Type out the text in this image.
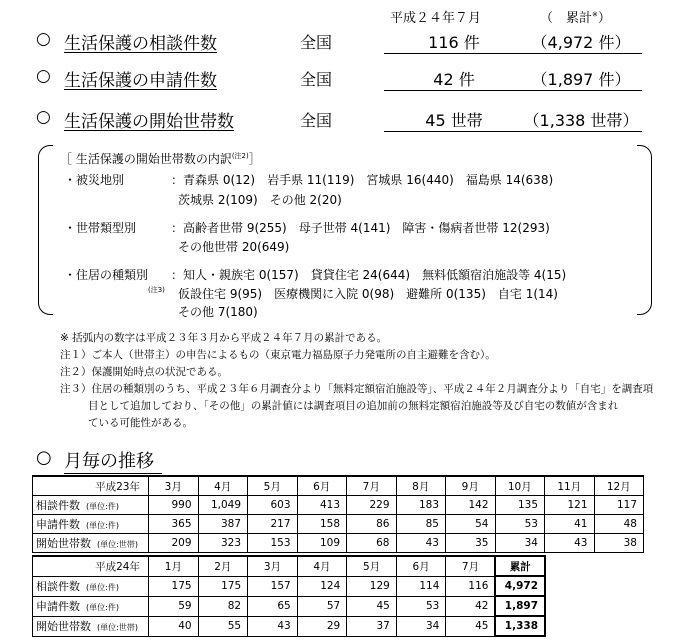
平成２４年７月	（　累計※）
○ 生活保護の相談件数	全国	116 件	（4,972 件）
○ 生活保護の申請件数	全国	42 件	（1,897 件）
○ 生活保護の開始世帯数	全国	45 世帯	（1,338 世帯）
［ 生活保護の開始世帯数の内訳$^{(注2)}$］
・被災地別	：青森県 0(12)　岩手県 11(119)　宮城県 16(440)　福島県 14(638)
茨城県 2(109)　その他 2(20)
・世帯類型別	：高齢者世帯 9(255)　母子世帯 4(141)　障害・傷病者世帯 12(293)
その他世帯 20(649)
・住居の種類別
(注3)
：知人・親族宅 0(157)　貸貸住宅 24(644)　無料低額宿泊施設等 4(15)
仮設住宅 9(95)　医療機関に入院 0(98)　避難所 0(135)　自宅 1(14)
その他 7(180)
※ 括弧内の数字は平成２３年３月から平成２４年７月の累計である。
注１）ご本人（世帯主）の申告によるもの（東京電力福島原子力発電所の自主避難を含む）。
注２）保護開始時点の状況である。
注３）住居の種類別のうち、平成２３年６月調査分より「無料定額宿泊施設等」、平成２４年２月調査分より「自宅」を調査項
目として追加しており、「その他」の累計値には調査項目の追加前の無料定額宿泊施設等及び自宅の数値が含まれ
ている可能性がある。
○ 月毎の推移
平成23年	3月	4月	5月	6月	7月	8月	9月	10月	11月	12月
相談件数 (単位:件)	990	1,049	603	413	229	183	142	135	121	117
申請件数 (単位:件)	365	387	217	158	86	85	54	53	41	48
開始世帯数 (単位:世帯)	209	323	153	109	68	43	35	34	43	38
平成24年	1月	2月	3月	4月	5月	6月	7月	累計
相談件数 (単位:件)	175	175	157	124	129	114	116	4,972
申請件数 (単位:件)	59	82	65	57	45	53	42	1,897
開始世帯数 (単位:世帯)	40	55	43	29	37	34	45	1,338
